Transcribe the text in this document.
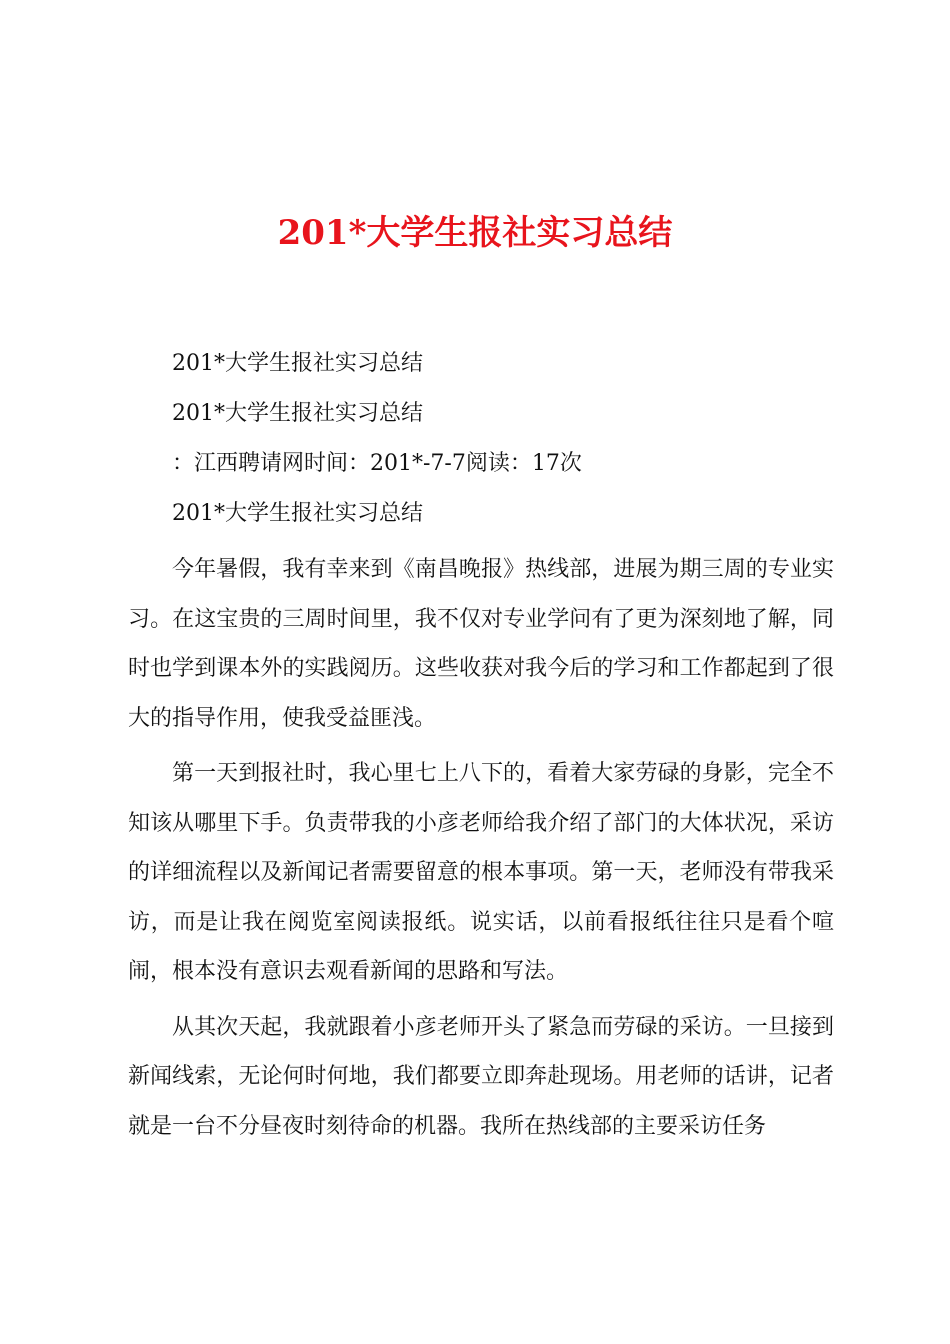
201*大学生报社实习总结
201*大学生报社实习总结
201*大学生报社实习总结
：江西聘请网时间：201*-7-7阅读：17次
201*大学生报社实习总结

今年暑假，我有幸来到《南昌晚报》热线部，进展为期三周的专业实习。在这宝贵的三周时间里，我不仅对专业学问有了更为深刻地了解，同时也学到课本外的实践阅历。这些收获对我今后的学习和工作都起到了很大的指导作用，使我受益匪浅。

第一天到报社时，我心里七上八下的，看着大家劳碌的身影，完全不知该从哪里下手。负责带我的小彦老师给我介绍了部门的大体状况，采访的详细流程以及新闻记者需要留意的根本事项。第一天，老师没有带我采访，而是让我在阅览室阅读报纸。说实话，以前看报纸往往只是看个喧闹，根本没有意识去观看新闻的思路和写法。

从其次天起，我就跟着小彦老师开头了紧急而劳碌的采访。一旦接到新闻线索，无论何时何地，我们都要立即奔赴现场。用老师的话讲，记者就是一台不分昼夜时刻待命的机器。我所在热线部的主要采访任务
